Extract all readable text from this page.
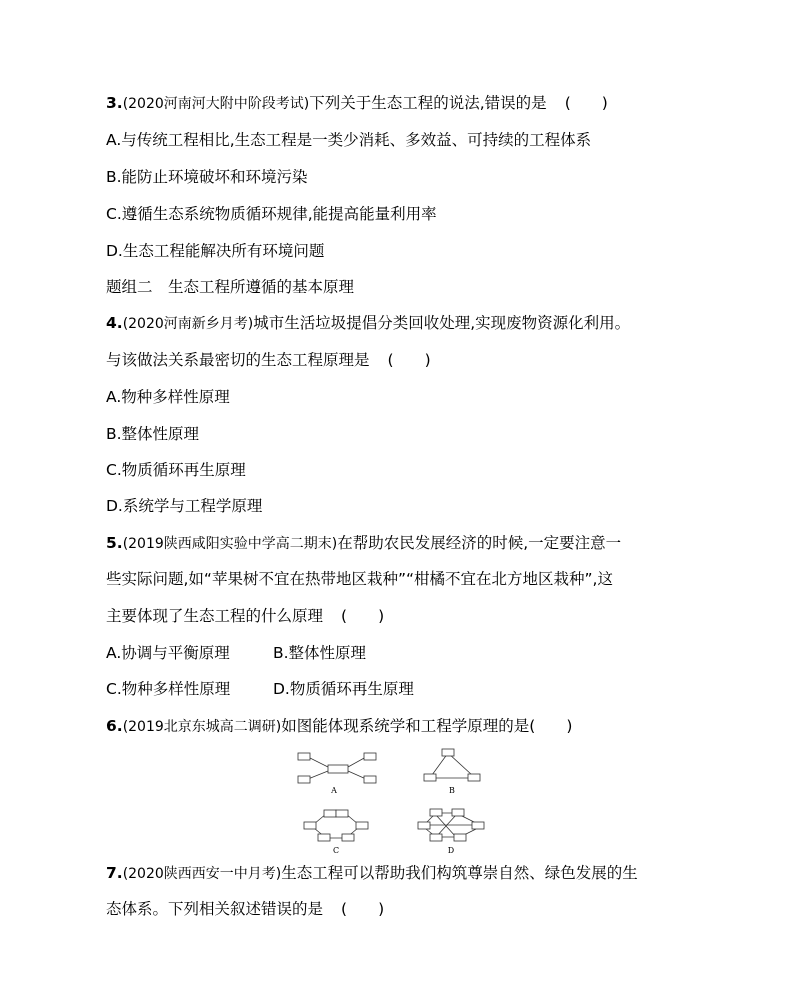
3.(2020河南河大附中阶段考试)下列关于生态工程的说法,错误的是 (　　)
A.与传统工程相比,生态工程是一类少消耗、多效益、可持续的工程体系
B.能防止环境破坏和环境污染
C.遵循生态系统物质循环规律,能提高能量利用率
D.生态工程能解决所有环境问题
题组二　生态工程所遵循的基本原理
4.(2020河南新乡月考)城市生活垃圾提倡分类回收处理,实现废物资源化利用。
与该做法关系最密切的生态工程原理是 (　　)
A.物种多样性原理
B.整体性原理
C.物质循环再生原理
D.系统学与工程学原理
5.(2019陕西咸阳实验中学高二期末)在帮助农民发展经济的时候,一定要注意一
些实际问题,如“苹果树不宜在热带地区栽种”“柑橘不宜在北方地区栽种”,这
主要体现了生态工程的什么原理 (　　)
A.协调与平衡原理	B.整体性原理
C.物种多样性原理	D.物质循环再生原理
6.(2019北京东城高二调研)如图能体现系统学和工程学原理的是(　　)
A	B
C	D
7.(2020陕西西安一中月考)生态工程可以帮助我们构筑尊崇自然、绿色发展的生
态体系。下列相关叙述错误的是 (　　)
